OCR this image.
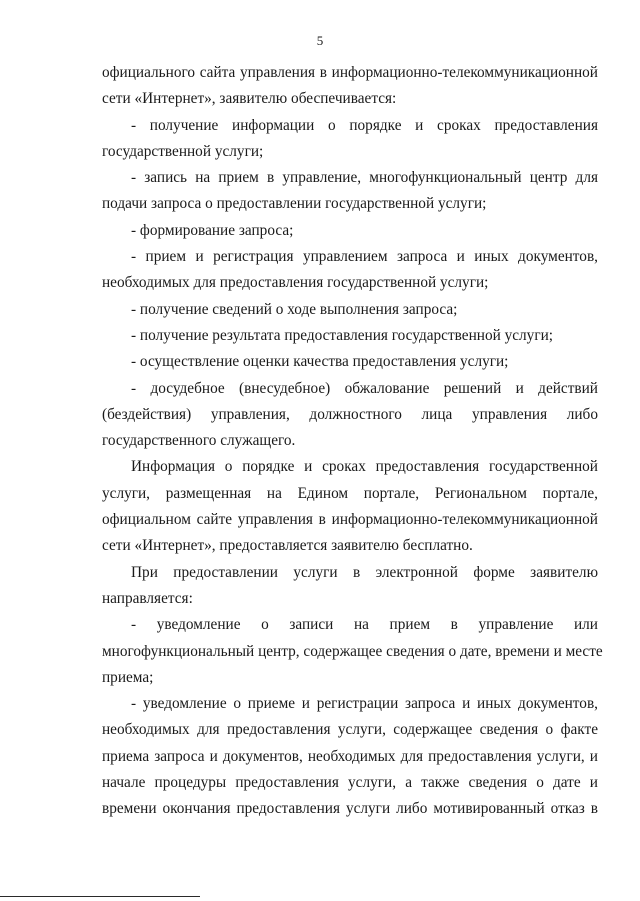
5
официального сайта управления в информационно-телекоммуникационной
сети «Интернет», заявителю обеспечивается:
- получение информации о порядке и сроках предоставления
государственной услуги;
- запись на прием в управление, многофункциональный центр для
подачи запроса о предоставлении государственной услуги;
- формирование запроса;
- прием и регистрация управлением запроса и иных документов,
необходимых для предоставления государственной услуги;
- получение сведений о ходе выполнения запроса;
- получение результата предоставления государственной услуги;
- осуществление оценки качества предоставления услуги;
- досудебное (внесудебное) обжалование решений и действий
(бездействия) управления, должностного лица управления либо
государственного служащего.
Информация о порядке и сроках предоставления государственной
услуги, размещенная на Едином портале, Региональном портале,
официальном сайте управления в информационно-телекоммуникационной
сети «Интернет», предоставляется заявителю бесплатно.
При предоставлении услуги в электронной форме заявителю
направляется:
- уведомление о записи на прием в управление или
многофункциональный центр, содержащее сведения о дате, времени и месте
приема;
- уведомление о приеме и регистрации запроса и иных документов,
необходимых для предоставления услуги, содержащее сведения о факте
приема запроса и документов, необходимых для предоставления услуги, и
начале процедуры предоставления услуги, а также сведения о дате и
времени окончания предоставления услуги либо мотивированный отказ в
